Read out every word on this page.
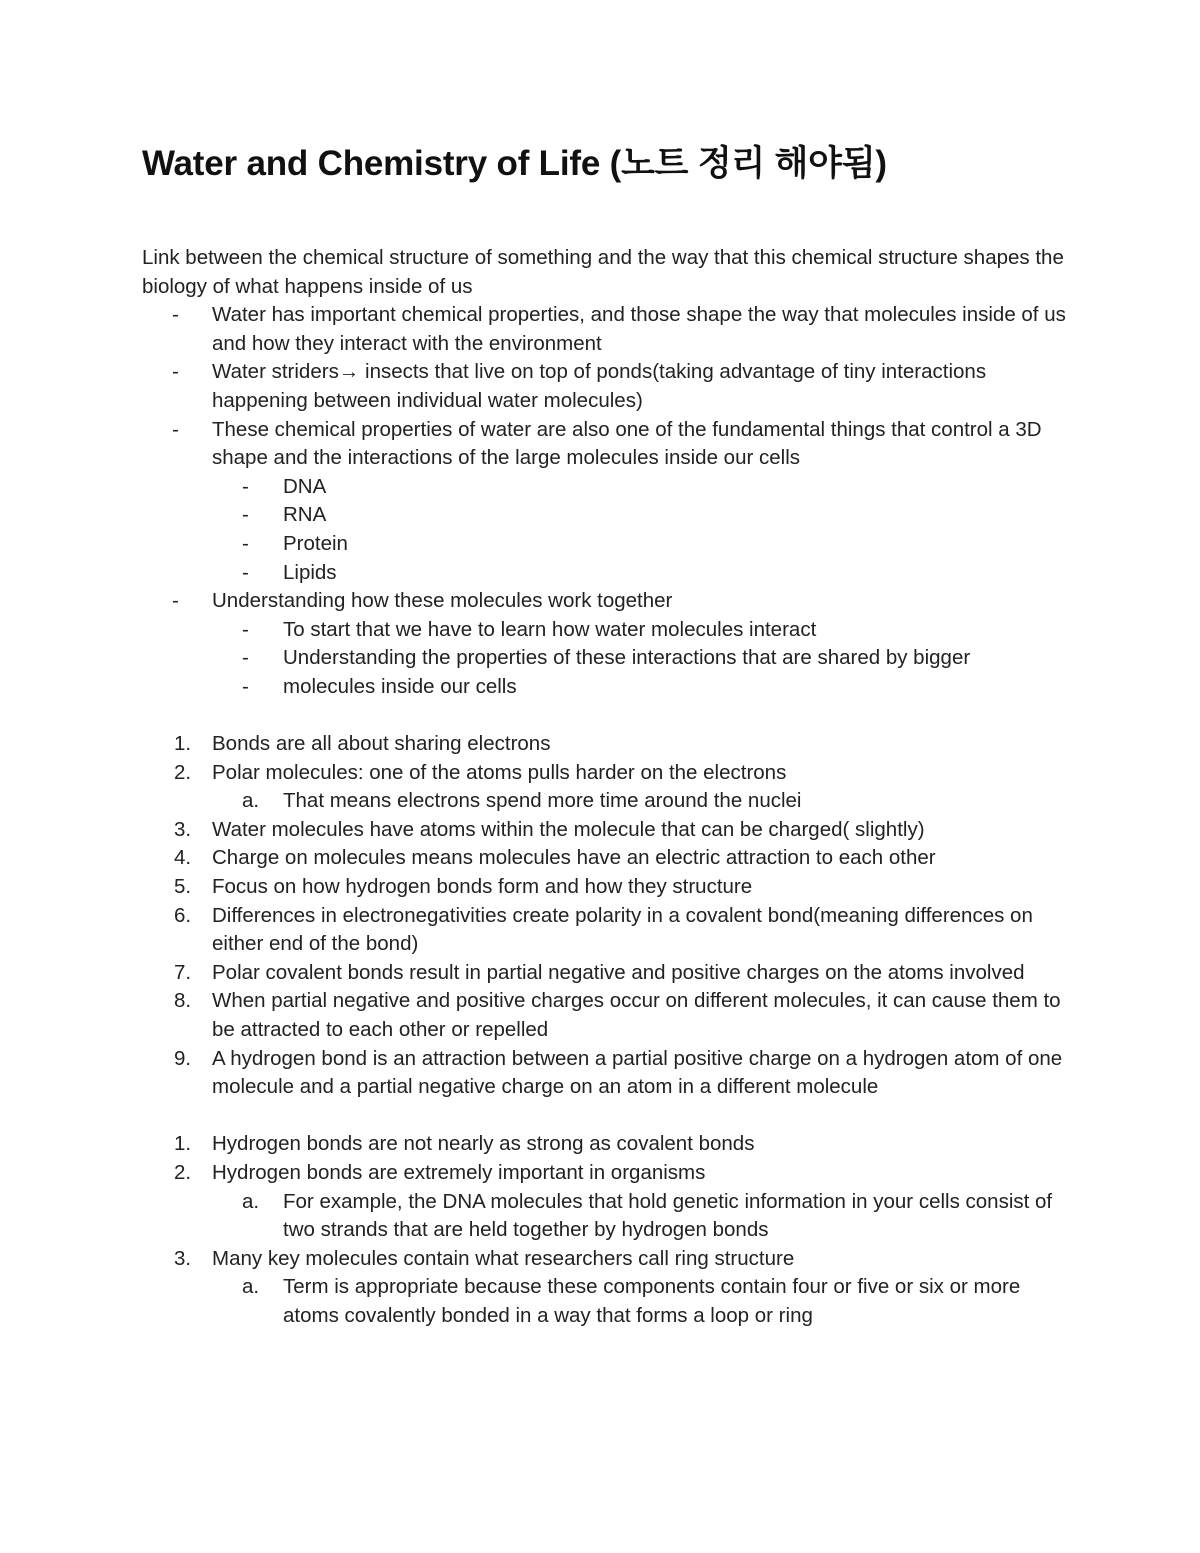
Water and Chemistry of Life (노트 정리 해야됨)

Link between the chemical structure of something and the way that this chemical structure shapes the biology of what happens inside of us

- Water has important chemical properties, and those shape the way that molecules inside of us and how they interact with the environment
- Water striders→ insects that live on top of ponds(taking advantage of tiny interactions happening between individual water molecules)
- These chemical properties of water are also one of the fundamental things that control a 3D shape and the interactions of the large molecules inside our cells
- DNA
- RNA
- Protein
- Lipids
- Understanding how these molecules work together
- To start that we have to learn how water molecules interact
- Understanding the properties of these interactions that are shared by bigger
- molecules inside our cells
1. Bonds are all about sharing electrons
2. Polar molecules: one of the atoms pulls harder on the electrons
a. That means electrons spend more time around the nuclei
3. Water molecules have atoms within the molecule that can be charged( slightly)
4. Charge on molecules means molecules have an electric attraction to each other
5. Focus on how hydrogen bonds form and how they structure
6. Differences in electronegativities create polarity in a covalent bond(meaning differences on either end of the bond)
7. Polar covalent bonds result in partial negative and positive charges on the atoms involved
8. When partial negative and positive charges occur on different molecules, it can cause them to be attracted to each other or repelled
9. A hydrogen bond is an attraction between a partial positive charge on a hydrogen atom of one molecule and a partial negative charge on an atom in a different molecule
1. Hydrogen bonds are not nearly as strong as covalent bonds
2. Hydrogen bonds are extremely important in organisms
a. For example, the DNA molecules that hold genetic information in your cells consist of two strands that are held together by hydrogen bonds
3. Many key molecules contain what researchers call ring structure
a. Term is appropriate because these components contain four or five or six or more atoms covalently bonded in a way that forms a loop or ring
